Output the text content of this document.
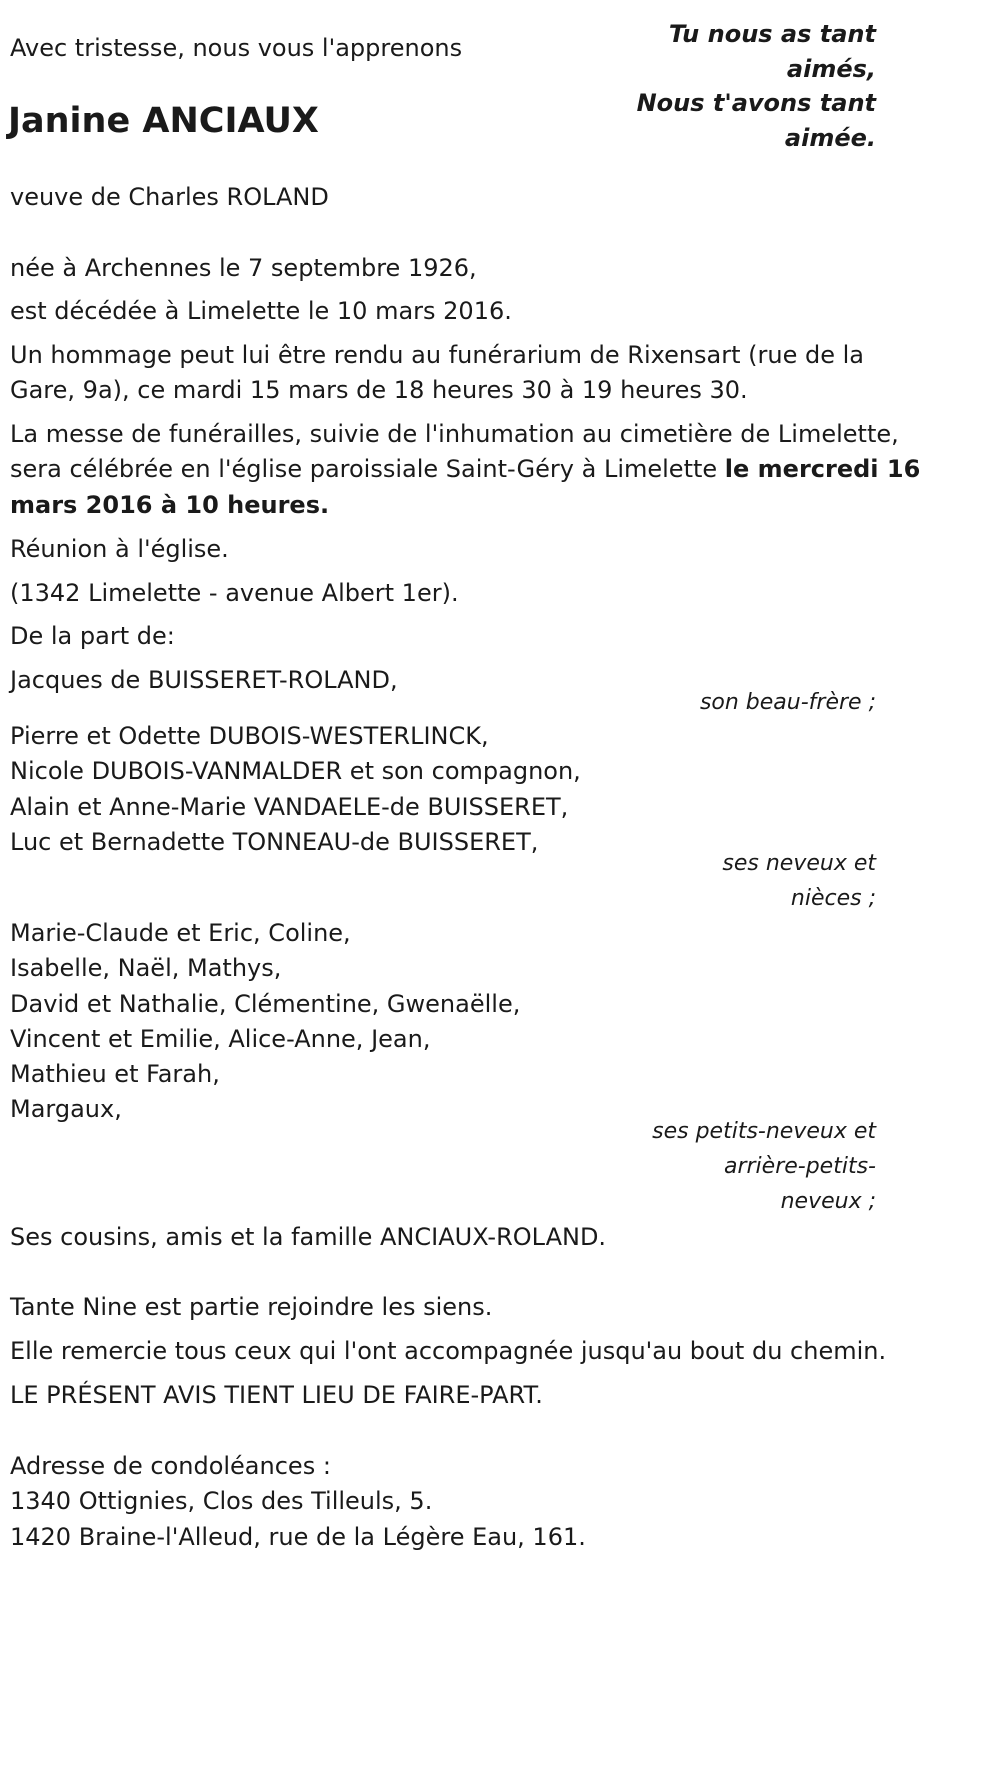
Avec tristesse, nous vous l'apprenons	Tu nous as tant
aimés,
Nous t'avons tant
aimée.
Janine ANCIAUX
veuve de Charles ROLAND
née à Archennes le 7 septembre 1926,
est décédée à Limelette le 10 mars 2016.
Un hommage peut lui être rendu au funérarium de Rixensart (rue de la
Gare, 9a), ce mardi 15 mars de 18 heures 30 à 19 heures 30.
La messe de funérailles, suivie de l'inhumation au cimetière de Limelette,
sera célébrée en l'église paroissiale Saint-Géry à Limelette le mercredi 16
mars 2016 à 10 heures.
Réunion à l'église.
(1342 Limelette - avenue Albert 1er).
De la part de:
Jacques de BUISSERET-ROLAND,
son beau-frère ;
Pierre et Odette DUBOIS-WESTERLINCK,
Nicole DUBOIS-VANMALDER et son compagnon,
Alain et Anne-Marie VANDAELE-de BUISSERET,
Luc et Bernadette TONNEAU-de BUISSERET,
ses neveux et
nièces ;
Marie-Claude et Eric, Coline,
Isabelle, Naël, Mathys,
David et Nathalie, Clémentine, Gwenaëlle,
Vincent et Emilie, Alice-Anne, Jean,
Mathieu et Farah,
Margaux,
ses petits-neveux et
arrière-petits-
neveux ;
Ses cousins, amis et la famille ANCIAUX-ROLAND.
Tante Nine est partie rejoindre les siens.
Elle remercie tous ceux qui l'ont accompagnée jusqu'au bout du chemin.
LE PRÉSENT AVIS TIENT LIEU DE FAIRE-PART.
Adresse de condoléances :
1340 Ottignies, Clos des Tilleuls, 5.
1420 Braine-l'Alleud, rue de la Légère Eau, 161.
